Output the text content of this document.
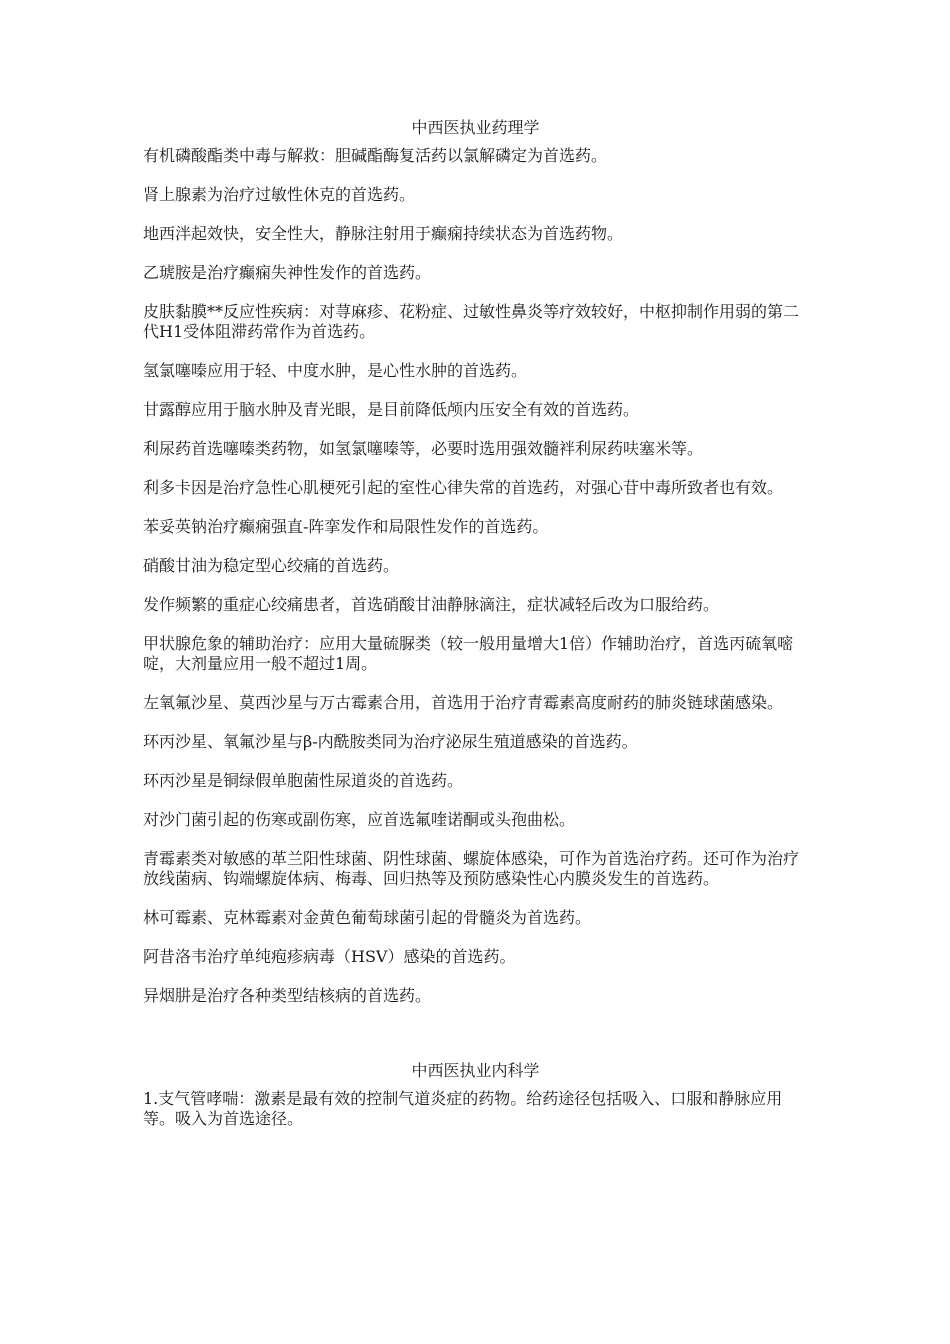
中西医执业药理学

有机磷酸酯类中毒与解救：胆碱酯酶复活药以氯解磷定为首选药。

肾上腺素为治疗过敏性休克的首选药。

地西泮起效快，安全性大，静脉注射用于癫痫持续状态为首选药物。

乙琥胺是治疗癫痫失神性发作的首选药。

皮肤黏膜**反应性疾病：对荨麻疹、花粉症、过敏性鼻炎等疗效较好，中枢抑制作用弱的第二代H1受体阻滞药常作为首选药。

氢氯噻嗪应用于轻、中度水肿，是心性水肿的首选药。

甘露醇应用于脑水肿及青光眼，是目前降低颅内压安全有效的首选药。

利尿药首选噻嗪类药物，如氢氯噻嗪等，必要时选用强效髓袢利尿药呋塞米等。

利多卡因是治疗急性心肌梗死引起的室性心律失常的首选药，对强心苷中毒所致者也有效。

苯妥英钠治疗癫痫强直-阵挛发作和局限性发作的首选药。

硝酸甘油为稳定型心绞痛的首选药。

发作频繁的重症心绞痛患者，首选硝酸甘油静脉滴注，症状减轻后改为口服给药。

甲状腺危象的辅助治疗：应用大量硫脲类（较一般用量增大1倍）作辅助治疗，首选丙硫氧嘧啶，大剂量应用一般不超过1周。

左氧氟沙星、莫西沙星与万古霉素合用，首选用于治疗青霉素高度耐药的肺炎链球菌感染。

环丙沙星、氧氟沙星与β-内酰胺类同为治疗泌尿生殖道感染的首选药。

环丙沙星是铜绿假单胞菌性尿道炎的首选药。

对沙门菌引起的伤寒或副伤寒，应首选氟喹诺酮或头孢曲松。

青霉素类对敏感的革兰阳性球菌、阴性球菌、螺旋体感染，可作为首选治疗药。还可作为治疗放线菌病、钩端螺旋体病、梅毒、回归热等及预防感染性心内膜炎发生的首选药。

林可霉素、克林霉素对金黄色葡萄球菌引起的骨髓炎为首选药。

阿昔洛韦治疗单纯疱疹病毒（HSV）感染的首选药。

异烟肼是治疗各种类型结核病的首选药。

中西医执业内科学

1.支气管哮喘：激素是最有效的控制气道炎症的药物。给药途径包括吸入、口服和静脉应用等。吸入为首选途径。
